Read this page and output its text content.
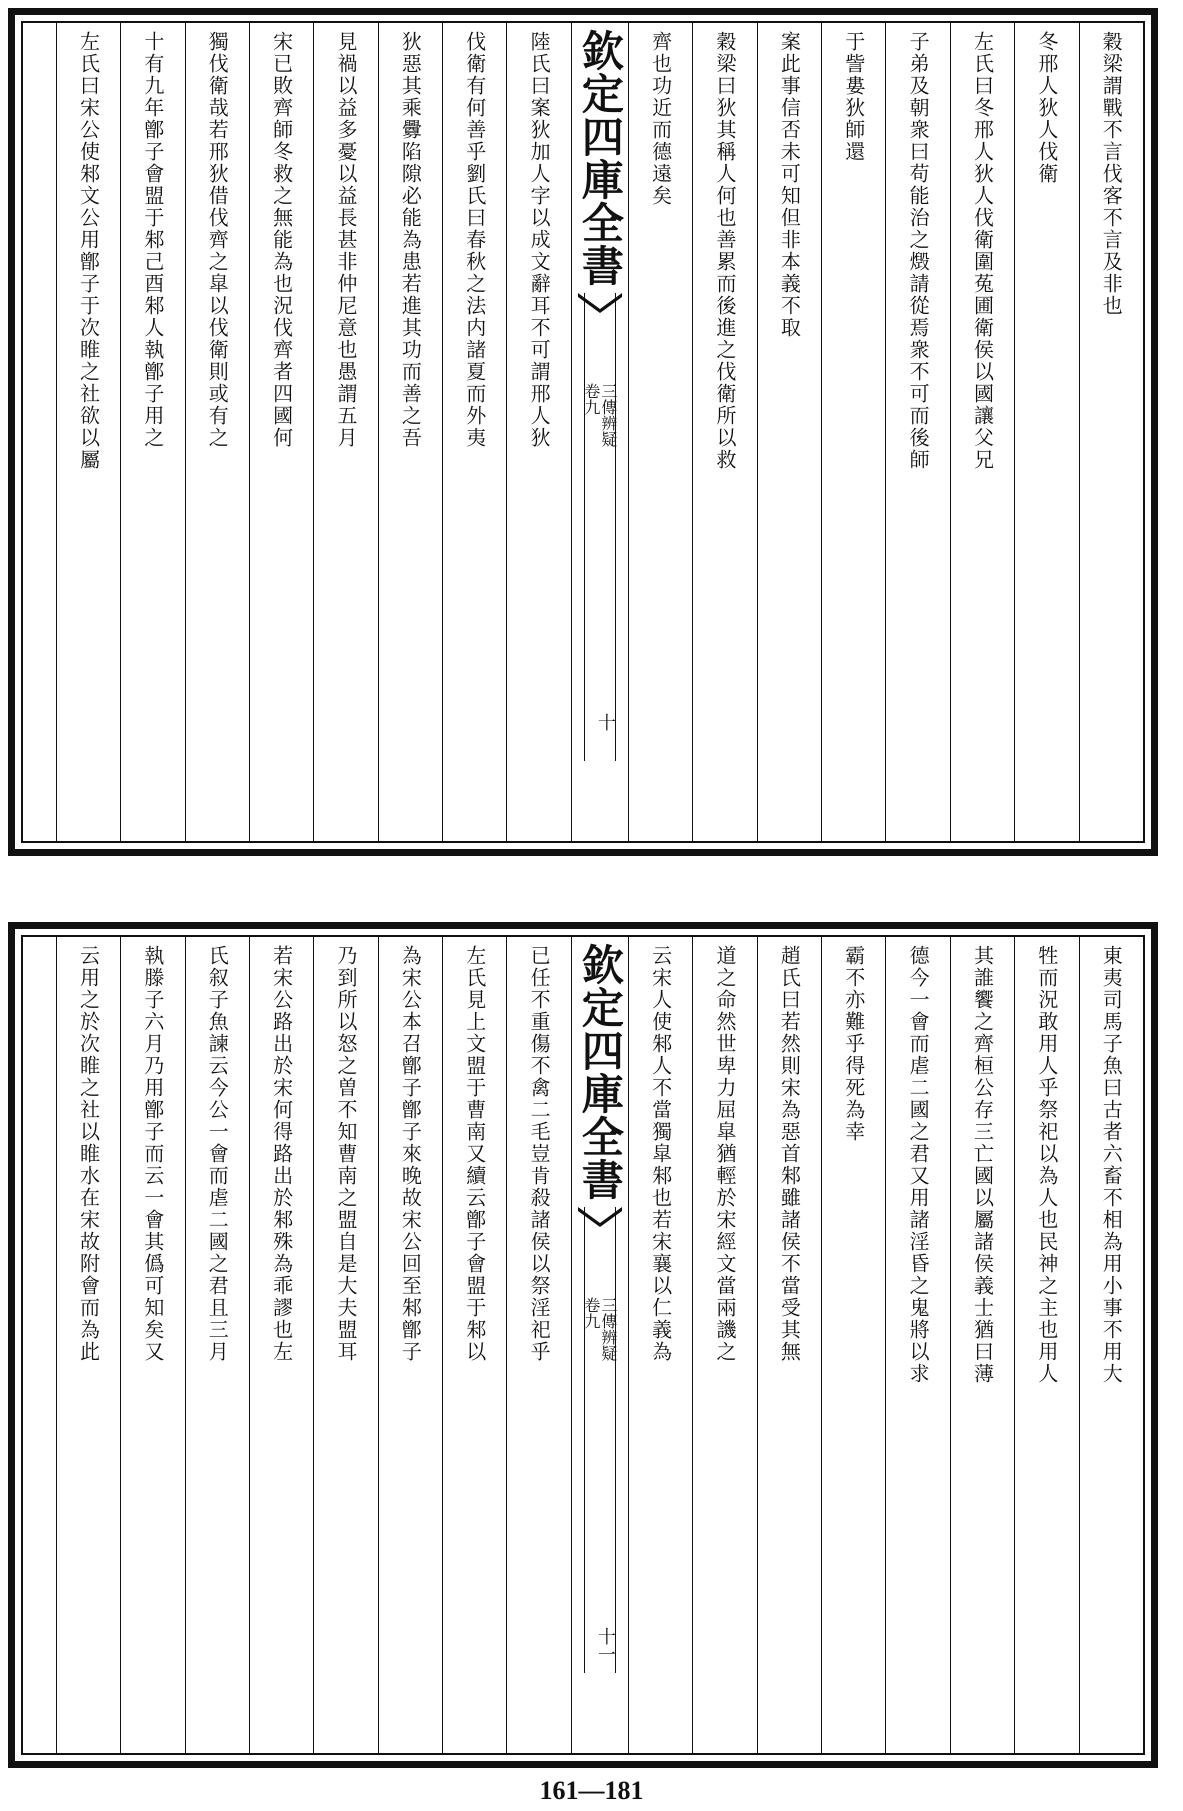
穀梁謂戰不言伐客不言及非也
冬邢人狄人伐衛
左氏曰冬邢人狄人伐衛圍菟圃衛侯以國讓父兄
子弟及朝衆曰苟能治之燬請從焉衆不可而後師
于訾婁狄師還
案此事信否未可知但非本義不取
穀梁曰狄其稱人何也善累而後進之伐衛所以救
齊也功近而德遠矣
欽定四庫全書
三傳辨疑
卷九
十
陸氏曰案狄加人字以成文辭耳不可謂邢人狄
伐衛有何善乎劉氏曰春秋之法内諸夏而外夷
狄惡其乘釁陷隙必能為患若進其功而善之吾
見禍以益多憂以益長甚非仲尼意也愚謂五月
宋已敗齊師冬救之無能為也況伐齊者四國何
獨伐衛哉若邢狄借伐齊之皐以伐衛則或有之
十有九年鄫子會盟于邾己酉邾人執鄫子用之
左氏曰宋公使邾文公用鄫子于次睢之社欲以屬
東夷司馬子魚曰古者六畜不相為用小事不用大
牲而況敢用人乎祭祀以為人也民神之主也用人
其誰饗之齊桓公存三亡國以屬諸侯義士猶曰薄
德今一會而虐二國之君又用諸淫昏之鬼將以求
霸不亦難乎得死為幸
趙氏曰若然則宋為惡首邾雖諸侯不當受其無
道之命然世卑力屈皐猶輕於宋經文當兩譏之
云宋人使邾人不當獨皐邾也若宋襄以仁義為
欽定四庫全書
三傳辨疑
卷九
十一
已任不重傷不禽二毛豈肯殺諸侯以祭淫祀乎
左氏見上文盟于曹南又續云鄫子會盟于邾以
為宋公本召鄫子鄫子來晚故宋公回至邾鄫子
乃到所以怒之曽不知曹南之盟自是大夫盟耳
若宋公路出於宋何得路出於邾殊為乖謬也左
氏叙子魚諫云今公一會而虐二國之君且三月
執滕子六月乃用鄫子而云一會其僞可知矣又
云用之於次睢之社以睢水在宋故附會而為此
161—181
